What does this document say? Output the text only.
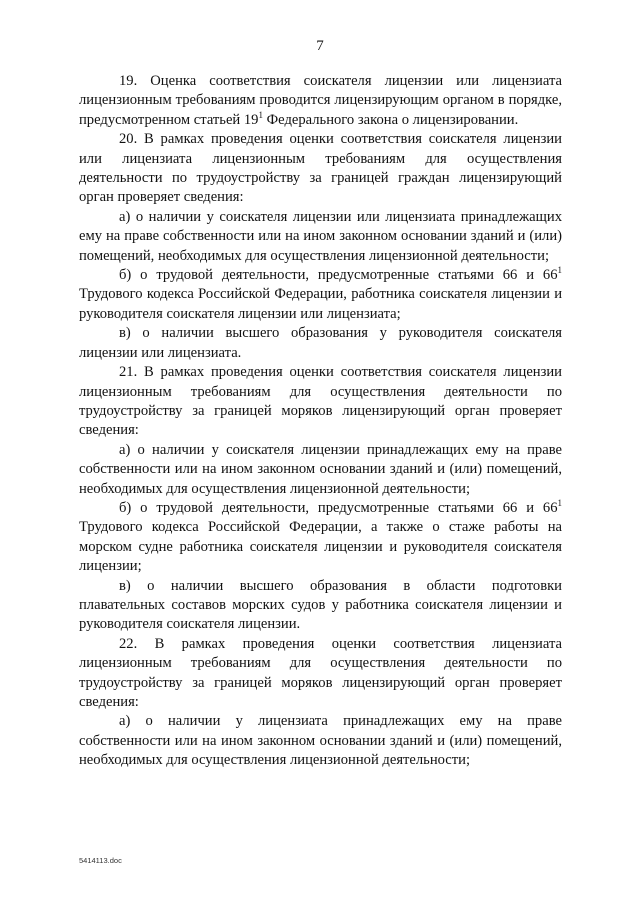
7

19. Оценка соответствия соискателя лицензии или лицензиата лицензионным требованиям проводится лицензирующим органом в порядке, предусмотренном статьей $19^1$ Федерального закона о лицензировании.

20. В рамках проведения оценки соответствия соискателя лицензии или лицензиата лицензионным требованиям для осуществления деятельности по трудоустройству за границей граждан лицензирующий орган проверяет сведения:

а) о наличии у соискателя лицензии или лицензиата принадлежащих ему на праве собственности или на ином законном основании зданий и (или) помещений, необходимых для осуществления лицензионной деятельности;

б) о трудовой деятельности, предусмотренные статьями 66 и $66^1$ Трудового кодекса Российской Федерации, работника соискателя лицензии и руководителя соискателя лицензии или лицензиата;

в) о наличии высшего образования у руководителя соискателя лицензии или лицензиата.

21. В рамках проведения оценки соответствия соискателя лицензии лицензионным требованиям для осуществления деятельности по трудоустройству за границей моряков лицензирующий орган проверяет сведения:

а) о наличии у соискателя лицензии принадлежащих ему на праве собственности или на ином законном основании зданий и (или) помещений, необходимых для осуществления лицензионной деятельности;

б) о трудовой деятельности, предусмотренные статьями 66 и $66^1$ Трудового кодекса Российской Федерации, а также о стаже работы на морском судне работника соискателя лицензии и руководителя соискателя лицензии;

в) о наличии высшего образования в области подготовки плавательных составов морских судов у работника соискателя лицензии и руководителя соискателя лицензии.

22. В рамках проведения оценки соответствия лицензиата лицензионным требованиям для осуществления деятельности по трудоустройству за границей моряков лицензирующий орган проверяет сведения:

а) о наличии у лицензиата принадлежащих ему на праве собственности или на ином законном основании зданий и (или) помещений, необходимых для осуществления лицензионной деятельности;

5414113.doc
